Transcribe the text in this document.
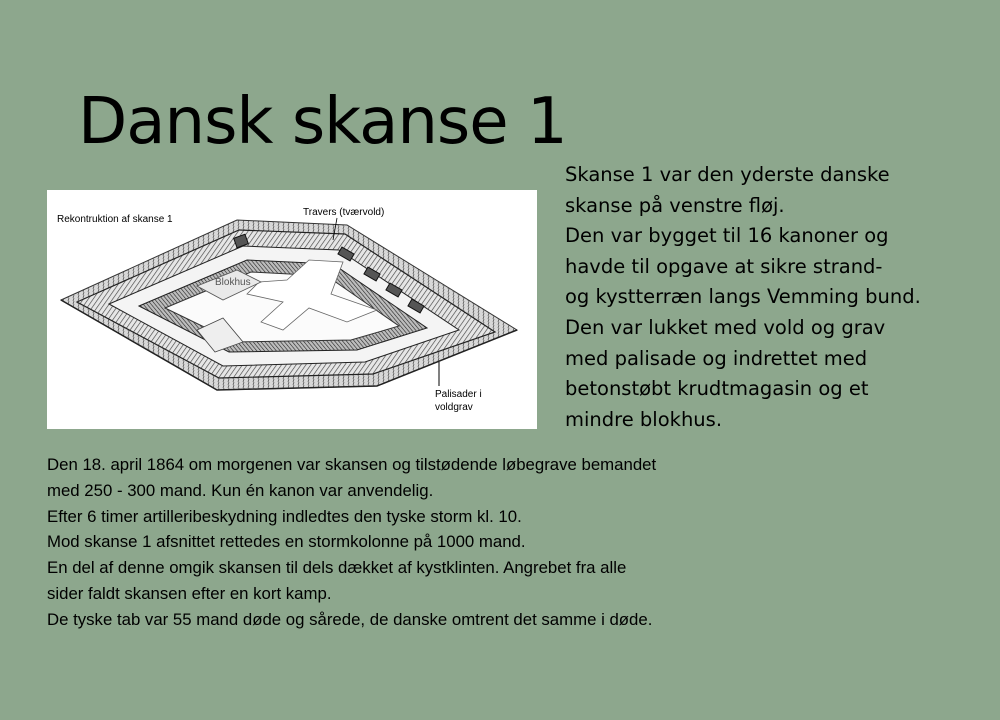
Dansk skanse 1
Rekontruktion af skanse 1
Travers (tværvold)
Blokhus
Palisader i voldgrav

Skanse 1 var den yderste danske

skanse på venstre fløj.

Den var bygget til 16 kanoner og

havde til opgave at sikre strand-

og kystterræn langs Vemming bund.

Den var lukket med vold og grav

med palisade og indrettet med

betonstøbt krudtmagasin og et

mindre blokhus.

Den 18. april 1864 om morgenen var skansen og tilstødende løbegrave bemandet

med 250 - 300 mand. Kun én kanon var anvendelig.

Efter 6 timer artilleribeskydning indledtes den tyske storm kl. 10.

Mod skanse 1 afsnittet rettedes en stormkolonne på 1000 mand.

En del af denne omgik skansen til dels dækket af kystklinten. Angrebet fra alle

sider faldt skansen efter en kort kamp.

De tyske tab var 55 mand døde og sårede, de danske omtrent det samme i døde.
